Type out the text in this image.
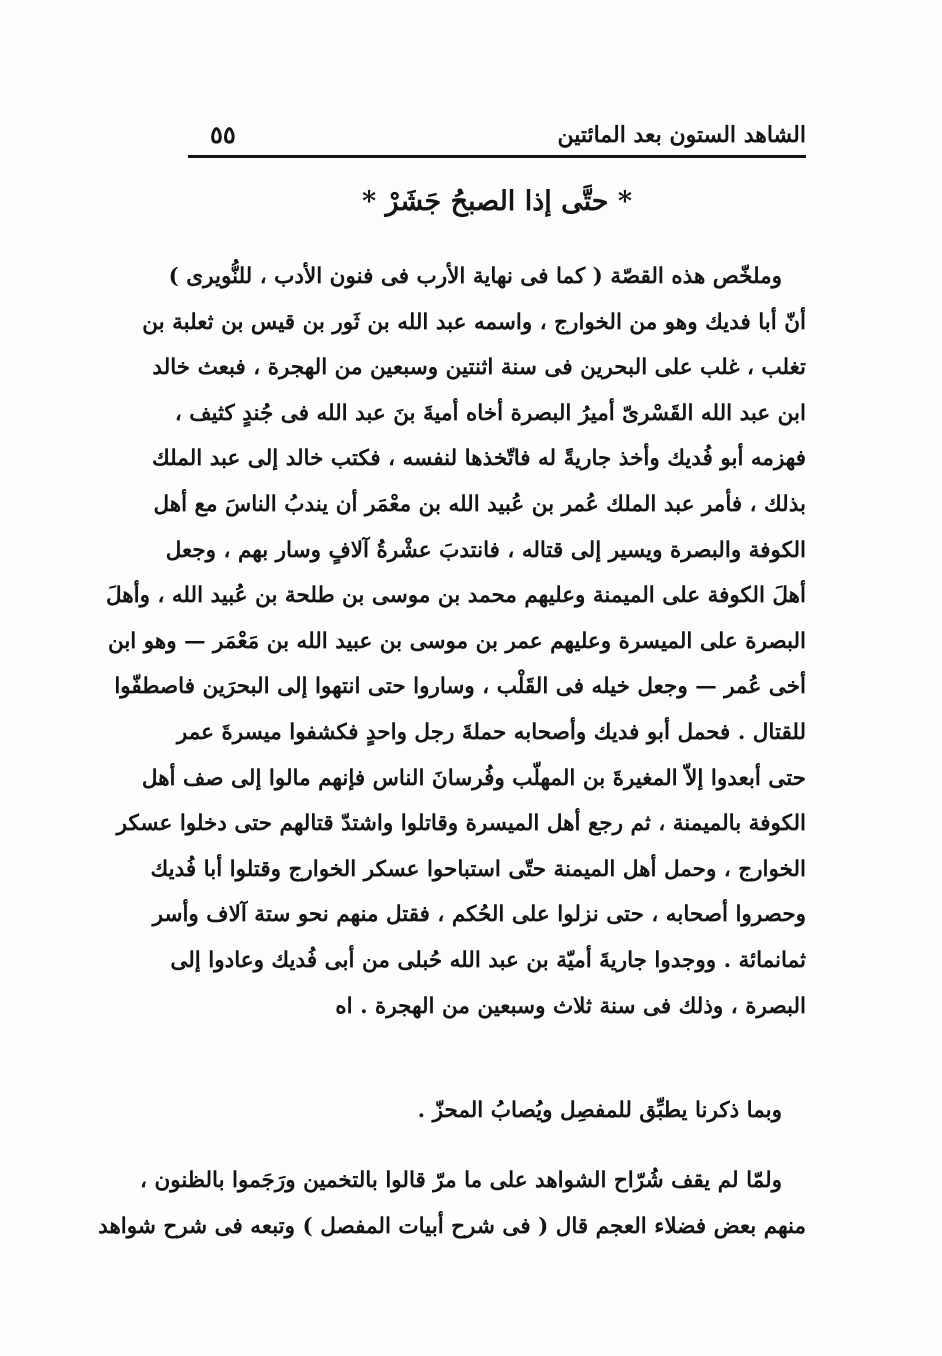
الشاهد الستون بعد المائتين
٥٥
* حتَّى إذا الصبحُ جَشَرْ *
وملخّص هذه القصّة ( كما فى نهاية الأرب فى فنون الأدب ، للنُّويرى )
أنّ أبا فديك وهو من الخوارج ، واسمه عبد الله بن ثَور بن قيس بن ثعلبة بن
تغلب ، غلب على البحرين فى سنة اثنتين وسبعين من الهجرة ، فبعث خالد
ابن عبد الله القَسْرىّ أميرُ البصرة أخاه أميةَ بنَ عبد الله فى جُندٍ كثيف ،
فهزمه أبو فُديك وأخذ جاريةً له فاتّخذها لنفسه ، فكتب خالد إلى عبد الملك
بذلك ، فأمر عبد الملك عُمر بن عُبيد الله بن معْمَر أن يندبُ الناسَ مع أهل
الكوفة والبصرة ويسير إلى قتاله ، فانتدبَ عشْرةُ آلافٍ وسار بهم ، وجعل
أهلَ الكوفة على الميمنة وعليهم محمد بن موسى بن طلحة بن عُبيد الله ، وأهلَ
البصرة على الميسرة وعليهم عمر بن موسى بن عبيد الله بن مَعْمَر — وهو ابن
أخى عُمر — وجعل خيله فى القَلْب ، وساروا حتى انتهوا إلى البحرَين فاصطفّوا
للقتال . فحمل أبو فديك وأصحابه حملةَ رجل واحدٍ فكشفوا ميسرةَ عمر
حتى أبعدوا إلاّ المغيرةَ بن المهلّب وفُرسانَ الناس فإنهم مالوا إلى صف أهل
الكوفة بالميمنة ، ثم رجع أهل الميسرة وقاتلوا واشتدّ قتالهم حتى دخلوا عسكر
الخوارج ، وحمل أهل الميمنة حتّى استباحوا عسكر الخوارج وقتلوا أبا فُديك
وحصروا أصحابه ، حتى نزلوا على الحُكم ، فقتل منهم نحو ستة آلاف وأسر
ثمانمائة . ووجدوا جاريةَ أميّة بن عبد الله حُبلى من أبى فُديك وعادوا إلى
البصرة ، وذلك فى سنة ثلاث وسبعين من الهجرة . اه
وبما ذكرنا يطبِّق للمفصِل ويُصابُ المحزّ .
ولمّا لم يقف شُرّاح الشواهد على ما مرّ قالوا بالتخمين ورَجَموا بالظنون ،
منهم بعض فضلاء العجم قال ( فى شرح أبيات المفصل ) وتبعه فى شرح شواهد
